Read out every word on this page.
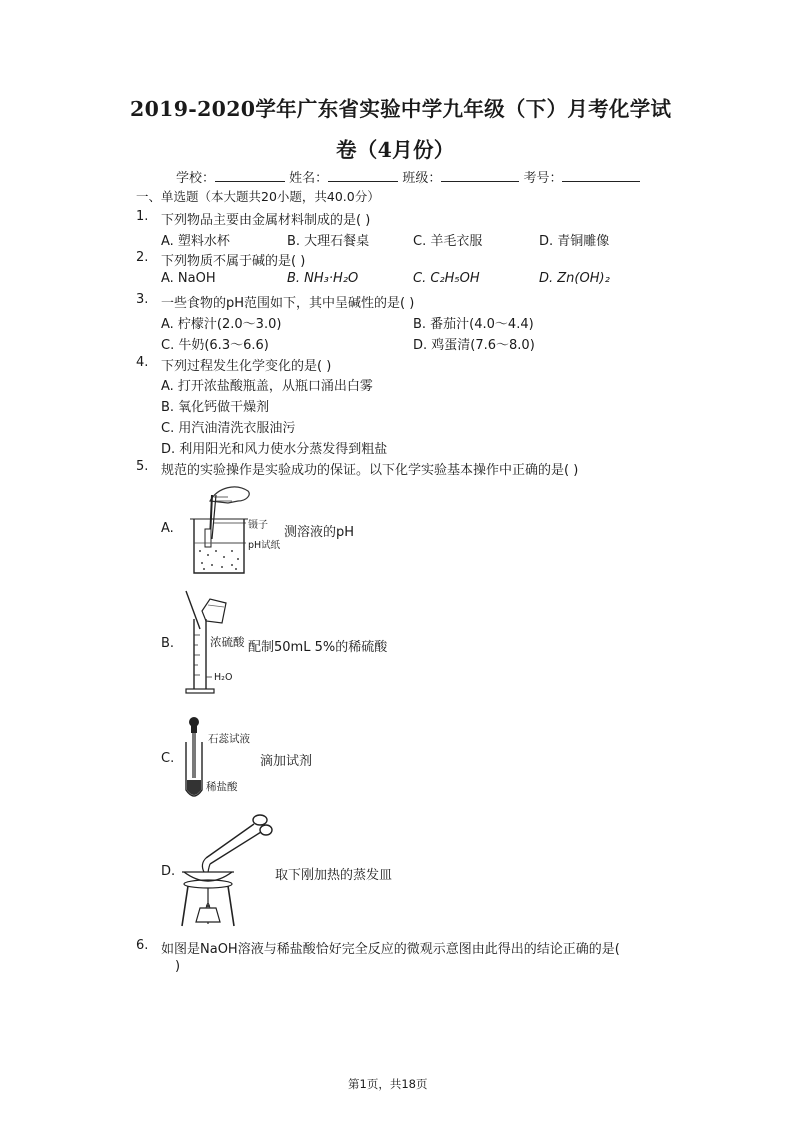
2019-2020学年广东省实验中学九年级（下）月考化学试
卷（4月份）
学校：	姓名：	班级：	考号：
一、单选题（本大题共20小题，共40.0分）
1. 下列物品主要由金属材料制成的是( )
A. 塑料水杯	B. 大理石餐桌	C. 羊毛衣服	D. 青铜雕像
2. 下列物质不属于碱的是( )
A. NaOH	B. NH₃·H₂O	C. C₂H₅OH	D. Zn(OH)₂
3. 一些食物的pH范围如下，其中呈碱性的是( )
A. 柠檬汁(2.0～3.0)	B. 番茄汁(4.0～4.4)
C. 牛奶(6.3～6.6)	D. 鸡蛋清(7.6～8.0)
4. 下列过程发生化学变化的是( )
A. 打开浓盐酸瓶盖，从瓶口涌出白雾
B. 氧化钙做干燥剂
C. 用汽油清洗衣服油污
D. 利用阳光和风力使水分蒸发得到粗盐
5. 规范的实验操作是实验成功的保证。以下化学实验基本操作中正确的是( )
A.	镊子
pH试纸
测溶液的pH
B.	浓硫酸
H₂O
配制50mL 5%的稀硫酸
C.
石蕊试液
稀盐酸
滴加试剂
D.	取下刚加热的蒸发皿
6. 如图是NaOH溶液与稀盐酸恰好完全反应的微观示意图由此得出的结论正确的是(
)
第1页，共18页
